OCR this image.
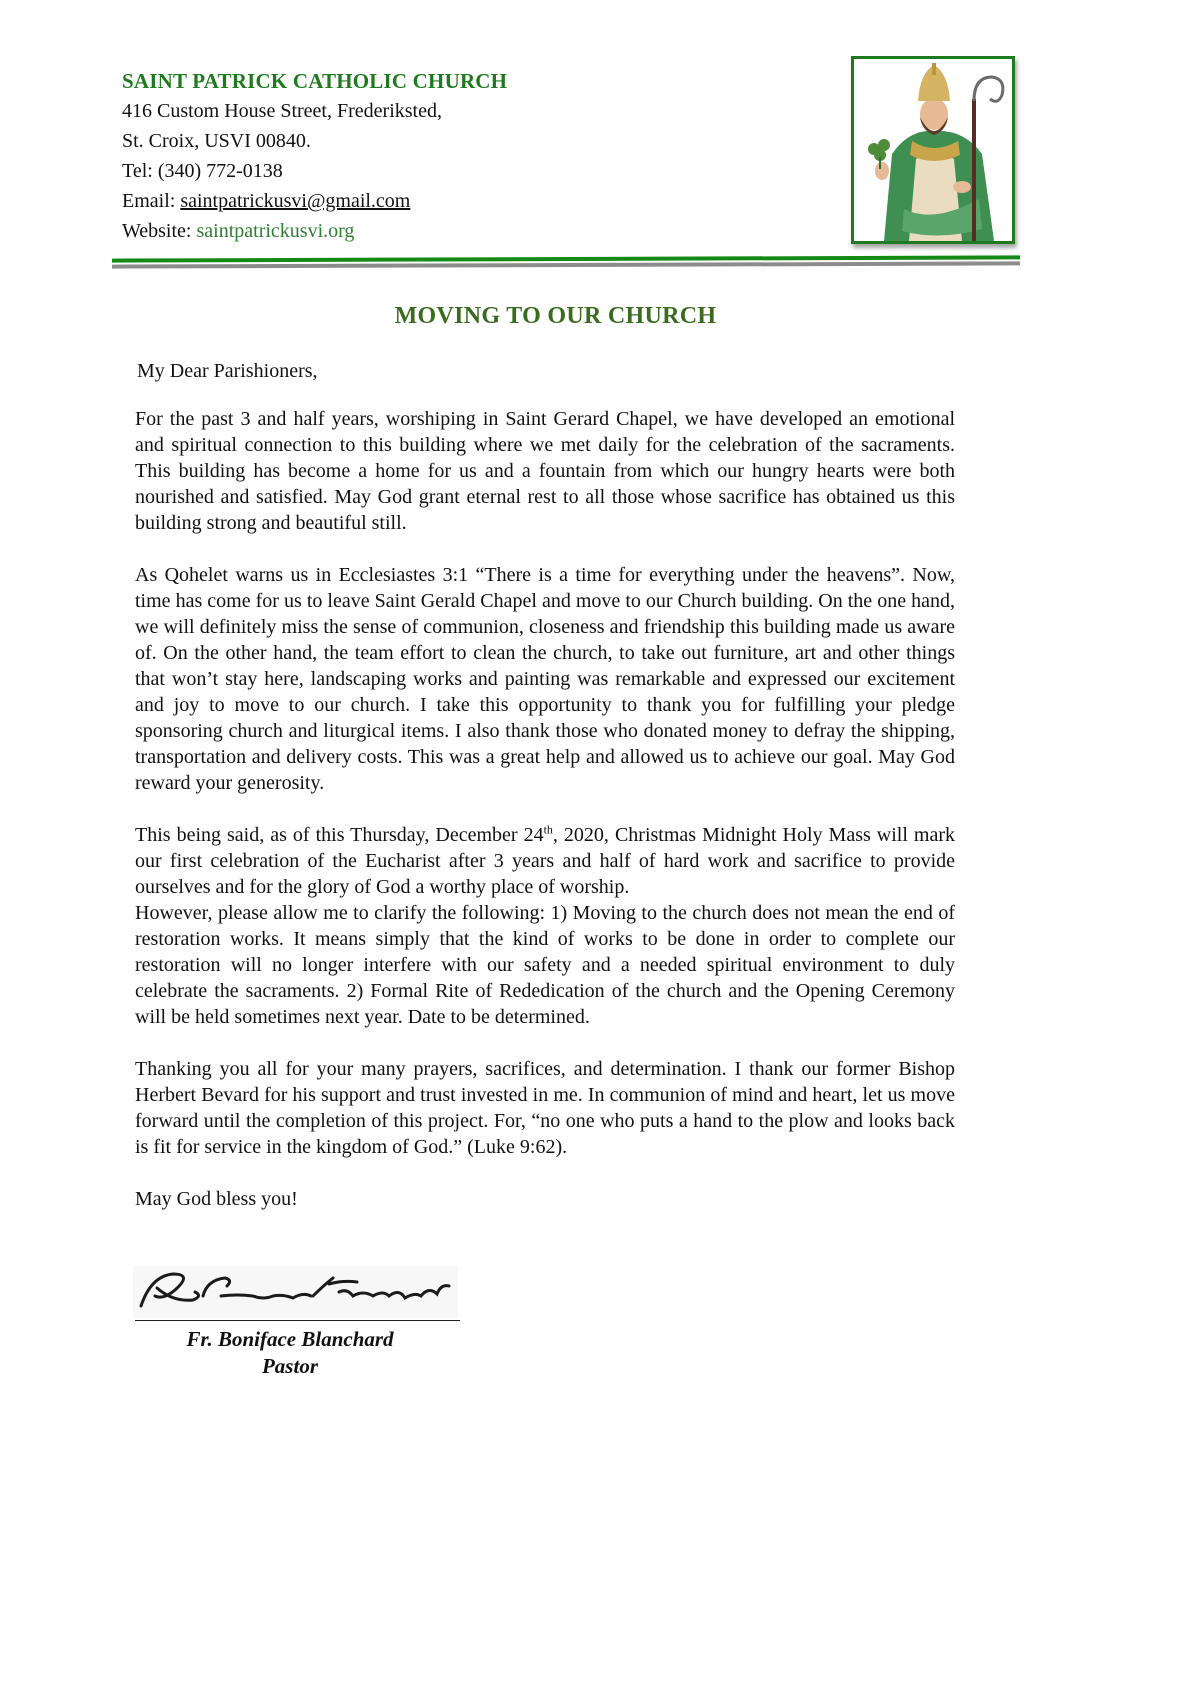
SAINT PATRICK CATHOLIC CHURCH
416 Custom House Street, Frederiksted,
St. Croix, USVI 00840.
Tel: (340) 772-0138
Email: saintpatrickusvi@gmail.com
Website: saintpatrickusvi.org
MOVING TO OUR CHURCH

My Dear Parishioners,

For the past 3 and half years, worshiping in Saint Gerard Chapel, we have developed an emotional and spiritual connection to this building where we met daily for the celebration of the sacraments. This building has become a home for us and a fountain from which our hungry hearts were both nourished and satisfied. May God grant eternal rest to all those whose sacrifice has obtained us this building strong and beautiful still.

As Qohelet warns us in Ecclesiastes 3:1 “There is a time for everything under the heavens”. Now, time has come for us to leave Saint Gerald Chapel and move to our Church building. On the one hand, we will definitely miss the sense of communion, closeness and friendship this building made us aware of. On the other hand, the team effort to clean the church, to take out furniture, art and other things that won’t stay here, landscaping works and painting was remarkable and expressed our excitement and joy to move to our church. I take this opportunity to thank you for fulfilling your pledge sponsoring church and liturgical items. I also thank those who donated money to defray the shipping, transportation and delivery costs. This was a great help and allowed us to achieve our goal. May God reward your generosity.

This being said, as of this Thursday, December 24th, 2020, Christmas Midnight Holy Mass will mark our first celebration of the Eucharist after 3 years and half of hard work and sacrifice to provide ourselves and for the glory of God a worthy place of worship.

However, please allow me to clarify the following: 1) Moving to the church does not mean the end of restoration works. It means simply that the kind of works to be done in order to complete our restoration will no longer interfere with our safety and a needed spiritual environment to duly celebrate the sacraments. 2) Formal Rite of Rededication of the church and the Opening Ceremony will be held sometimes next year. Date to be determined.

Thanking you all for your many prayers, sacrifices, and determination. I thank our former Bishop Herbert Bevard for his support and trust invested in me. In communion of mind and heart, let us move forward until the completion of this project. For, “no one who puts a hand to the plow and looks back is fit for service in the kingdom of God.” (Luke 9:62).

May God bless you!

Fr. Boniface Blanchard
Pastor
